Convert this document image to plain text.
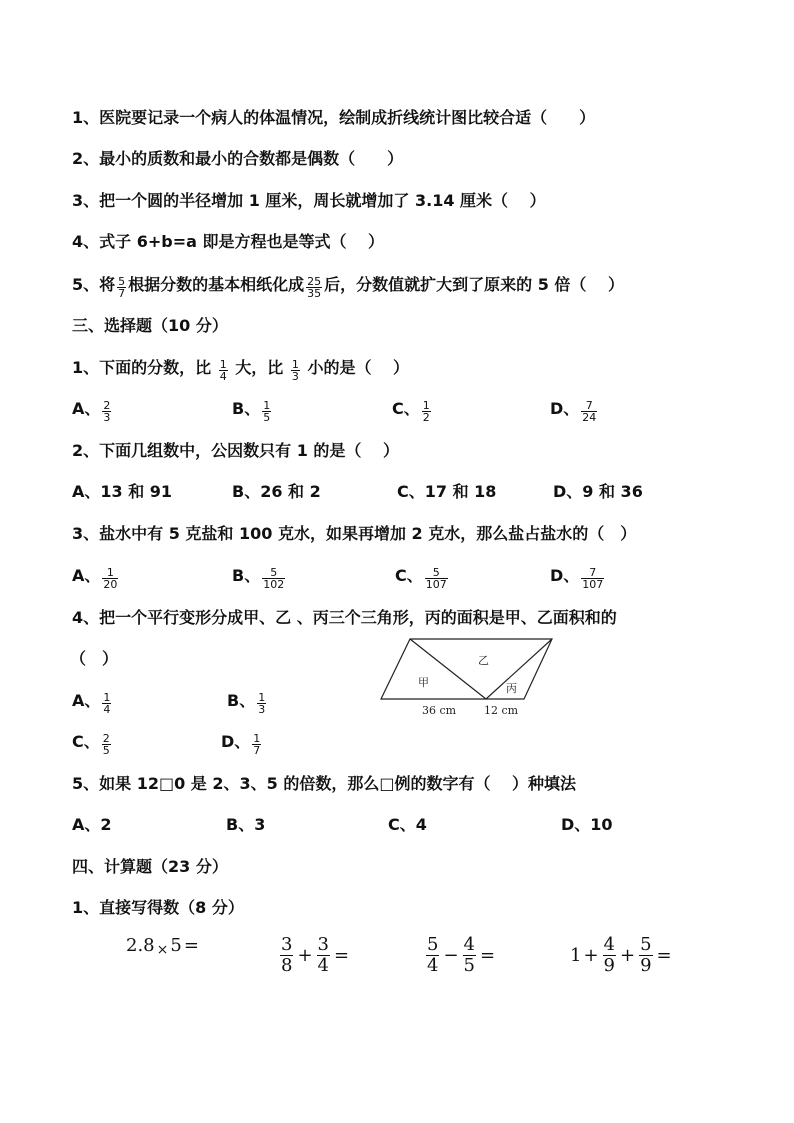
1、医院要记录一个病人的体温情况，绘制成折线统计图比较合适（　　）
2、最小的质数和最小的合数都是偶数（　　）
3、把一个圆的半径增加 1 厘米，周长就增加了 3.14 厘米（　 ）
4、式子 6+b=a 即是方程也是等式（　 ）
5、将 $\frac{5}{7}$ 根据分数的基本相纸化成 $\frac{25}{35}$ 后，分数值就扩大到了原来的 5 倍（　 ）
三、选择题（10 分）
1、下面的分数，比 $\frac{1}{4}$ 大，比 $\frac{1}{3}$ 小的是（　 ）
A、 $\frac{2}{3}$	B、 $\frac{1}{5}$	C、 $\frac{1}{2}$	D、 $\frac{7}{24}$
2、下面几组数中，公因数只有 1 的是（　 ）
A、13 和 91	B、26 和 2	C、17 和 18	D、9 和 36
3、盐水中有 5 克盐和 100 克水，如果再增加 2 克水，那么盐占盐水的（　）
A、 $\frac{1}{20}$	B、 $\frac{5}{102}$	C、 $\frac{5}{107}$	D、 $\frac{7}{107}$
4、把一个平行变形分成甲、乙 、丙三个三角形，丙的面积是甲、乙面积和的
（　）
甲
乙
丙
36 cm	12 cm
A、 $\frac{1}{4}$	B、 $\frac{1}{3}$
C、 $\frac{2}{5}$	D、 $\frac{1}{7}$
5、如果 12□0 是 2、3、5 的倍数，那么□例的数字有（　 ）种填法
A、2	B、3	C、4	D、10
四、计算题（23 分）
1、直接写得数（8 分）
2.8 × 5 =	$\frac{3}{8} + \frac{3}{4}$ =	$\frac{5}{4} - \frac{4}{5}$ =	$1 + \frac{4}{9} + \frac{5}{9}$ =
